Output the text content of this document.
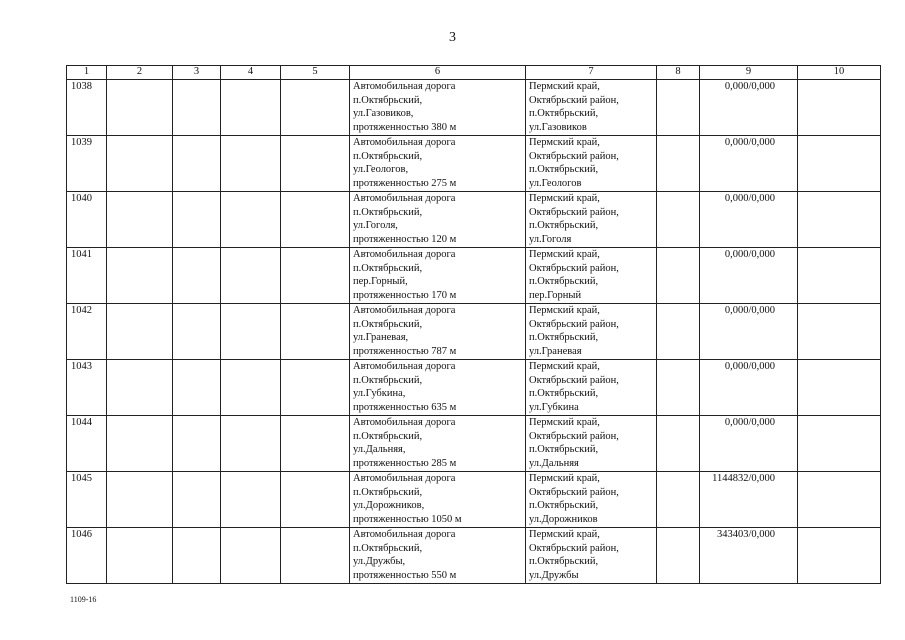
3
1	2	3	4	5	6	7	8	9	10
1038					Автомобильная дорога
п.Октябрьский,
ул.Газовиков,
протяженностью 380 м	Пермский край,
Октябрьский район,
п.Октябрьский,
ул.Газовиков		0,000/0,000	
1039					Автомобильная дорога
п.Октябрьский,
ул.Геологов,
протяженностью 275 м	Пермский край,
Октябрьский район,
п.Октябрьский,
ул.Геологов		0,000/0,000	
1040					Автомобильная дорога
п.Октябрьский,
ул.Гоголя,
протяженностью 120 м	Пермский край,
Октябрьский район,
п.Октябрьский,
ул.Гоголя		0,000/0,000	
1041					Автомобильная дорога
п.Октябрьский,
пер.Горный,
протяженностью 170 м	Пермский край,
Октябрьский район,
п.Октябрьский,
пер.Горный		0,000/0,000	
1042					Автомобильная дорога
п.Октябрьский,
ул.Граневая,
протяженностью 787 м	Пермский край,
Октябрьский район,
п.Октябрьский,
ул.Граневая		0,000/0,000	
1043					Автомобильная дорога
п.Октябрьский,
ул.Губкина,
протяженностью 635 м	Пермский край,
Октябрьский район,
п.Октябрьский,
ул.Губкина		0,000/0,000	
1044					Автомобильная дорога
п.Октябрьский,
ул.Дальняя,
протяженностью 285 м	Пермский край,
Октябрьский район,
п.Октябрьский,
ул.Дальняя		0,000/0,000	
1045					Автомобильная дорога
п.Октябрьский,
ул.Дорожников,
протяженностью 1050 м	Пермский край,
Октябрьский район,
п.Октябрьский,
ул.Дорожников		1144832/0,000	
1046					Автомобильная дорога
п.Октябрьский,
ул.Дружбы,
протяженностью 550 м	Пермский край,
Октябрьский район,
п.Октябрьский,
ул.Дружбы		343403/0,000	
1109-16
